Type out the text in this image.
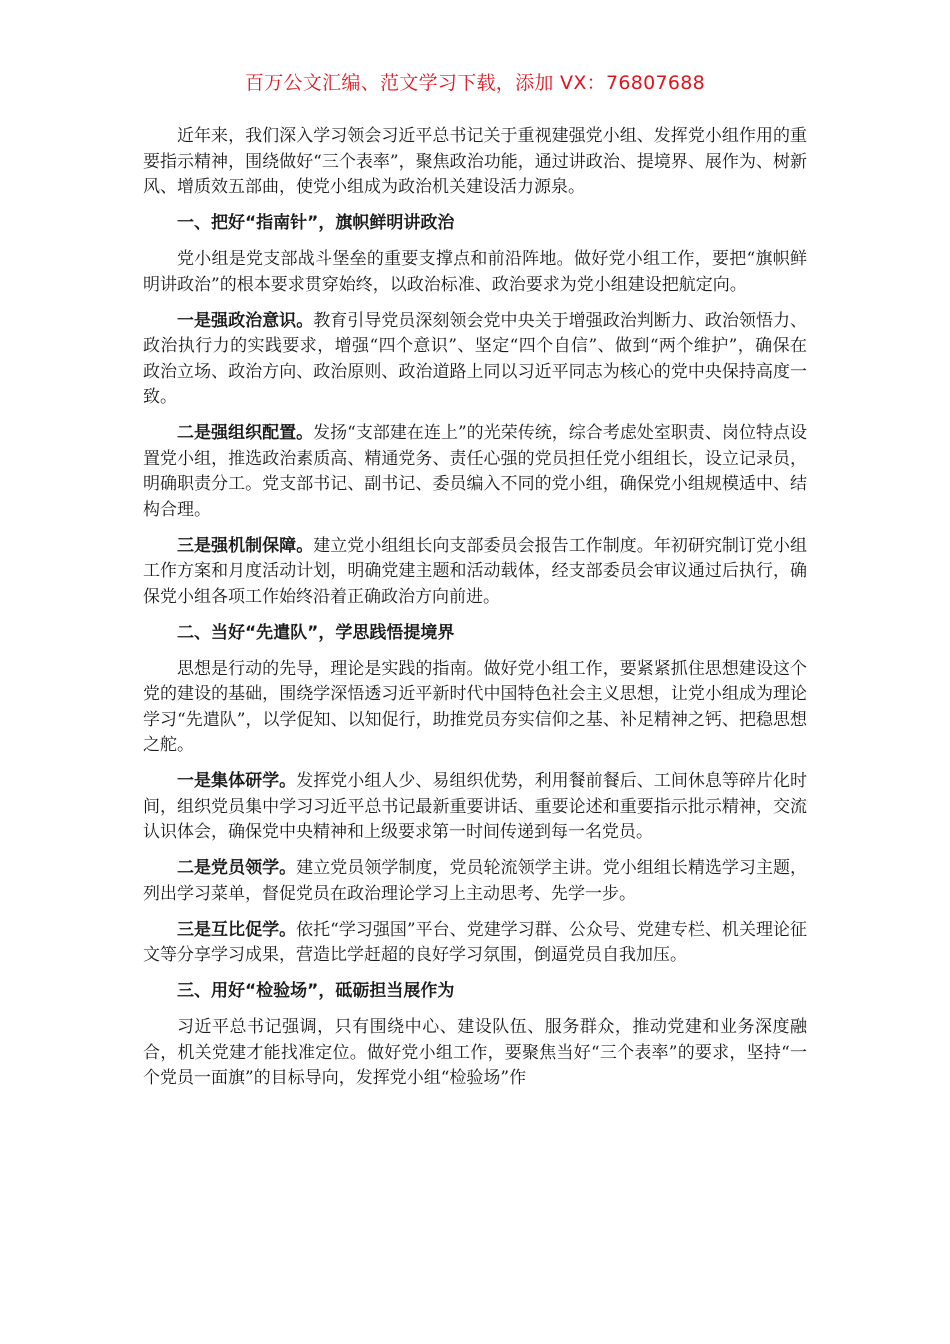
百万公文汇编、范文学习下载，添加 VX：76807688

近年来，我们深入学习领会习近平总书记关于重视建强党小组、发挥党小组作用的重要指示精神，围绕做好“三个表率”，聚焦政治功能，通过讲政治、提境界、展作为、树新风、增质效五部曲，使党小组成为政治机关建设活力源泉。

一、把好“指南针”，旗帜鲜明讲政治

党小组是党支部战斗堡垒的重要支撑点和前沿阵地。做好党小组工作，要把“旗帜鲜明讲政治”的根本要求贯穿始终，以政治标准、政治要求为党小组建设把航定向。

一是强政治意识。教育引导党员深刻领会党中央关于增强政治判断力、政治领悟力、政治执行力的实践要求，增强“四个意识”、坚定“四个自信”、做到“两个维护”，确保在政治立场、政治方向、政治原则、政治道路上同以习近平同志为核心的党中央保持高度一致。

二是强组织配置。发扬“支部建在连上”的光荣传统，综合考虑处室职责、岗位特点设置党小组，推选政治素质高、精通党务、责任心强的党员担任党小组组长，设立记录员，明确职责分工。党支部书记、副书记、委员编入不同的党小组，确保党小组规模适中、结构合理。

三是强机制保障。建立党小组组长向支部委员会报告工作制度。年初研究制订党小组工作方案和月度活动计划，明确党建主题和活动载体，经支部委员会审议通过后执行，确保党小组各项工作始终沿着正确政治方向前进。

二、当好“先遣队”，学思践悟提境界

思想是行动的先导，理论是实践的指南。做好党小组工作，要紧紧抓住思想建设这个党的建设的基础，围绕学深悟透习近平新时代中国特色社会主义思想，让党小组成为理论学习“先遣队”，以学促知、以知促行，助推党员夯实信仰之基、补足精神之钙、把稳思想之舵。

一是集体研学。发挥党小组人少、易组织优势，利用餐前餐后、工间休息等碎片化时间，组织党员集中学习习近平总书记最新重要讲话、重要论述和重要指示批示精神，交流认识体会，确保党中央精神和上级要求第一时间传递到每一名党员。

二是党员领学。建立党员领学制度，党员轮流领学主讲。党小组组长精选学习主题，列出学习菜单，督促党员在政治理论学习上主动思考、先学一步。

三是互比促学。依托“学习强国”平台、党建学习群、公众号、党建专栏、机关理论征文等分享学习成果，营造比学赶超的良好学习氛围，倒逼党员自我加压。

三、用好“检验场”，砥砺担当展作为

习近平总书记强调，只有围绕中心、建设队伍、服务群众，推动党建和业务深度融合，机关党建才能找准定位。做好党小组工作，要聚焦当好“三个表率”的要求，坚持“一个党员一面旗”的目标导向，发挥党小组“检验场”作
